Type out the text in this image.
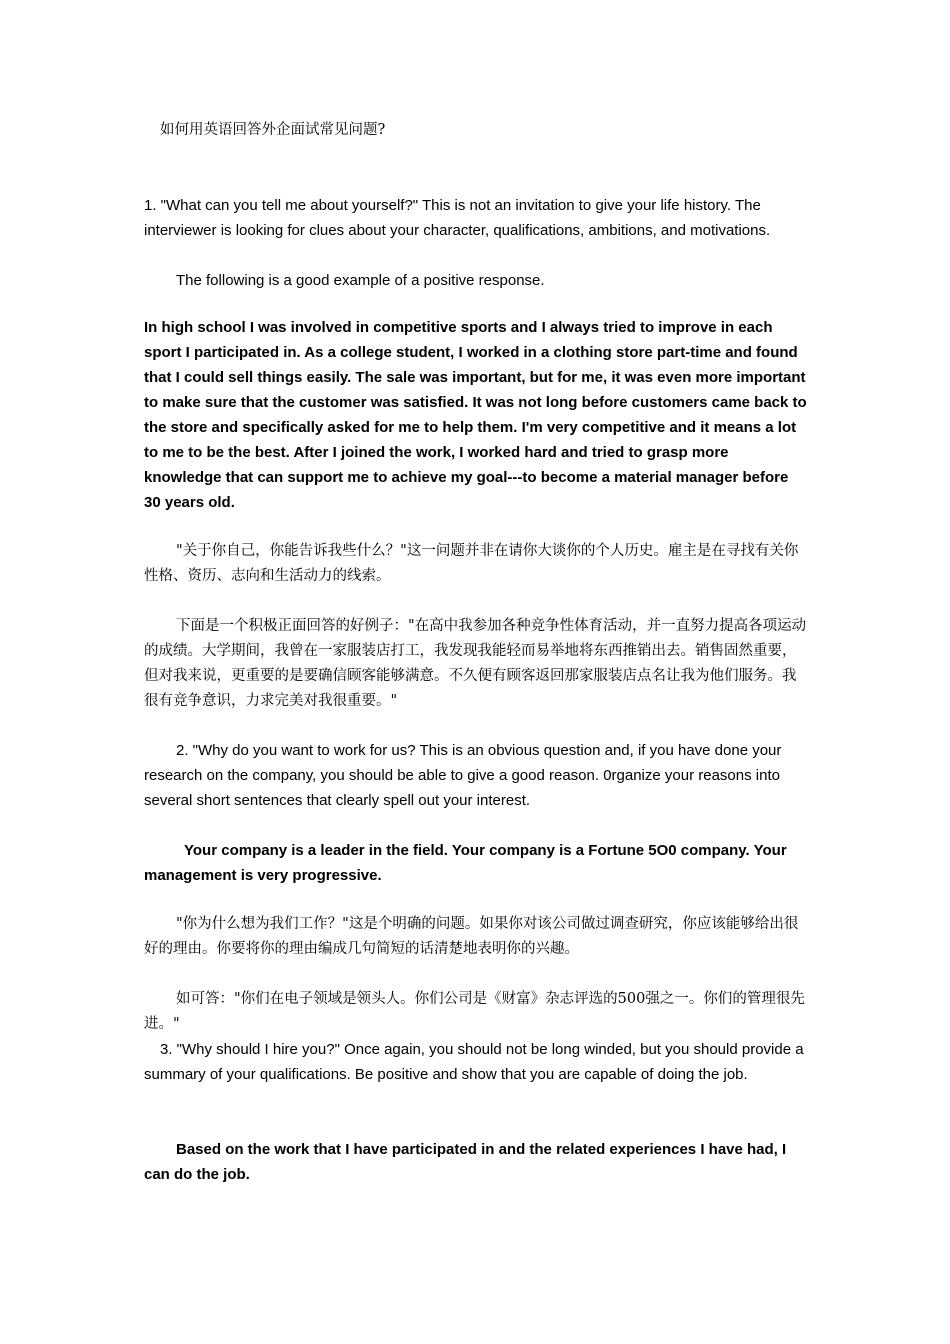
如何用英语回答外企面试常见问题?

1. "What can you tell me about yourself?" This is not an invitation to give your life history. The interviewer is looking for clues about your character, qualifications, ambitions, and motivations.

The following is a good example of a positive response.

In high school I was involved in competitive sports and I always tried to improve in each sport I participated in. As a college student, I worked in a clothing store part-time and found that I could sell things easily. The sale was important, but for me, it was even more important to make sure that the customer was satisfied. It was not long before customers came back to the store and specifically asked for me to help them. I'm very competitive and it means a lot to me to be the best. After I joined the work, I worked hard and tried to grasp more knowledge that can support me to achieve my goal---to become a material manager before 30 years old.

"关于你自己，你能告诉我些什么？"这一问题并非在请你大谈你的个人历史。雇主是在寻找有关你性格、资历、志向和生活动力的线索。

下面是一个积极正面回答的好例子："在高中我参加各种竞争性体育活动，并一直努力提高各项运动的成绩。大学期间，我曾在一家服装店打工，我发现我能轻而易举地将东西推销出去。销售固然重要，但对我来说，更重要的是要确信顾客能够满意。不久便有顾客返回那家服装店点名让我为他们服务。我很有竞争意识，力求完美对我很重要。"

2. "Why do you want to work for us? This is an obvious question and, if you have done your research on the company, you should be able to give a good reason. 0rganize your reasons into several short sentences that clearly spell out your interest.

Your company is a leader in the field. Your company is a Fortune 5O0 company. Your management is very progressive.

"你为什么想为我们工作？"这是个明确的问题。如果你对该公司做过调查研究，你应该能够给出很好的理由。你要将你的理由编成几句简短的话清楚地表明你的兴趣。

如可答："你们在电子领域是领头人。你们公司是《财富》杂志评选的500强之一。你们的管理很先进。"

3. "Why should I hire you?" Once again, you should not be long winded, but you should provide a summary of your qualifications. Be positive and show that you are capable of doing the job.

Based on the work that I have participated in and the related experiences I have had, I can do the job.
